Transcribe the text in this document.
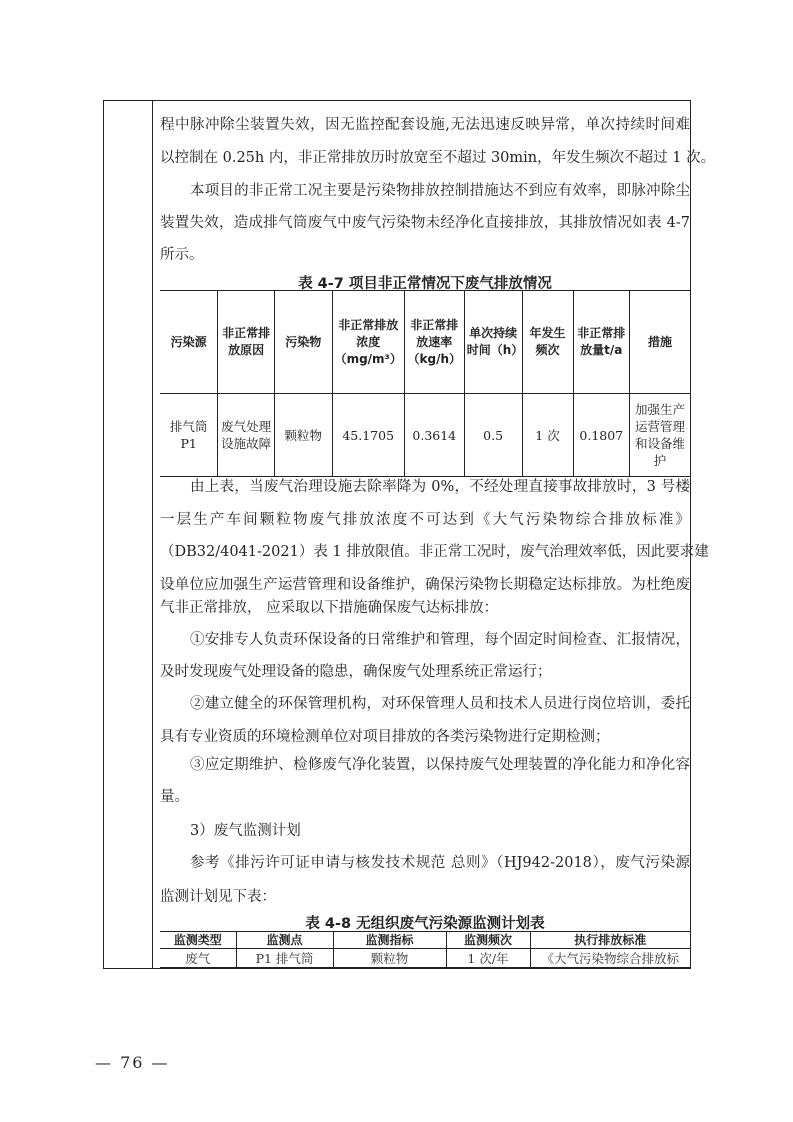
程中脉冲除尘装置失效，因无监控配套设施,无法迅速反映异常，单次持续时间难
以控制在 0.25h 内，非正常排放历时放宽至不超过 30min，年发生频次不超过 1 次。
本项目的非正常工况主要是污染物排放控制措施达不到应有效率，即脉冲除尘
装置失效，造成排气筒废气中废气污染物未经净化直接排放，其排放情况如表 4-7
所示。
表 4-7 项目非正常情况下废气排放情况
污染源	非正常排放原因	污染物	非正常排放浓度（mg/m³）	非正常排放速率（kg/h）	单次持续时间（h）	年发生频次	非正常排放量t/a	措施
排气筒P1	废气处理设施故障	颗粒物	45.1705	0.3614	0.5	1 次	0.1807	加强生产运营管理和设备维护
由上表，当废气治理设施去除率降为 0%，不经处理直接事故排放时，3 号楼
一层生产车间颗粒物废气排放浓度不可达到《大气污染物综合排放标准》
（DB32/4041-2021）表 1 排放限值。非正常工况时，废气治理效率低，因此要求建
设单位应加强生产运营管理和设备维护，确保污染物长期稳定达标排放。为杜绝废
气非正常排放， 应采取以下措施确保废气达标排放：
①安排专人负责环保设备的日常维护和管理，每个固定时间检查、汇报情况，
及时发现废气处理设备的隐患，确保废气处理系统正常运行；
②建立健全的环保管理机构，对环保管理人员和技术人员进行岗位培训，委托
具有专业资质的环境检测单位对项目排放的各类污染物进行定期检测；
③应定期维护、检修废气净化装置，以保持废气处理装置的净化能力和净化容
量。
3）废气监测计划
参考《排污许可证申请与核发技术规范 总则》（HJ942-2018），废气污染源
监测计划见下表：
表 4-8 无组织废气污染源监测计划表
监测类型	监测点	监测指标	监测频次	执行排放标准
废气	P1 排气筒	颗粒物	1 次/年	《大气污染物综合排放标
— 76 —
